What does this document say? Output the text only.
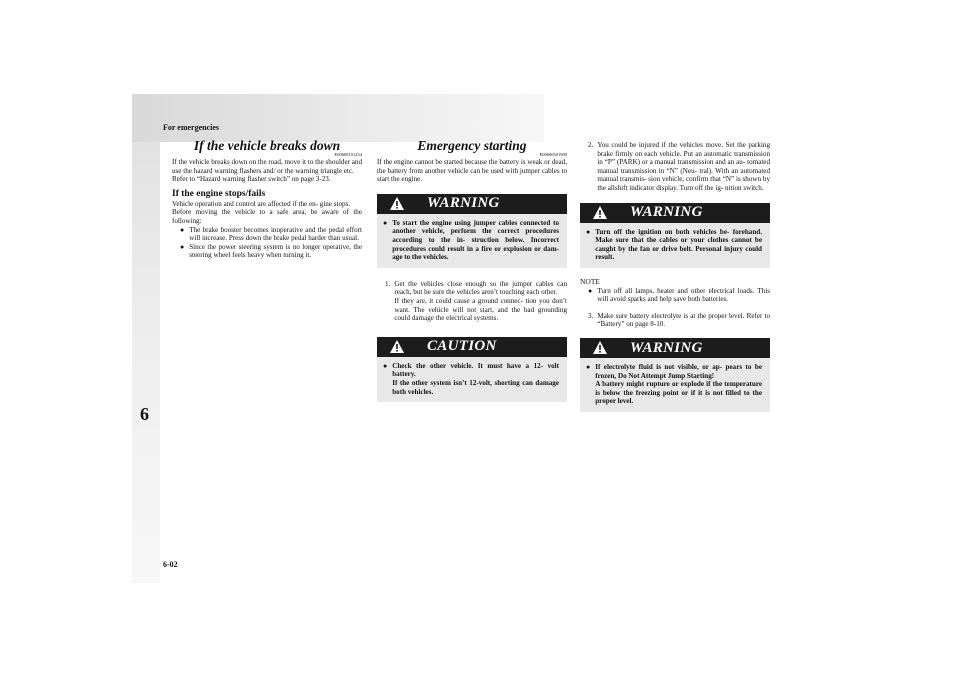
For emergencies
6
6-02
If the vehicle breaks down
E00600101254

If the vehicle breaks down on the road, move it to the shoulder and use the hazard warning flashers and/ or the warning triangle etc.

Refer to “Hazard warning flasher switch” on page 3-23.

If the engine stops/fails

Vehicle operation and control are affected if the en- gine stops.

Before moving the vehicle to a safe area, be aware of the following:

● The brake booster becomes inoperative and the pedal effort will increase. Press down the brake pedal harder than usual.
● Since the power steering system is no longer operative, the steering wheel feels heavy when turning it.
Emergency starting
E00600501900

If the engine cannot be started because the battery is weak or dead, the battery from another vehicle can be used with jumper cables to start the engine.

WARNING
● To start the engine using jumper cables connected to another vehicle, perform the correct procedures according to the in- struction below. Incorrect procedures could result in a fire or explosion or dam- age to the vehicles.
1. Get the vehicles close enough so the jumper cables can reach, but be sure the vehicles aren’t touching each other.
If they are, it could cause a ground connec- tion you don’t want. The vehicle will not start, and the bad grounding could damage the electrical systems.
CAUTION
● Check the other vehicle. It must have a 12- volt battery.
If the other system isn’t 12-volt, shorting can damage both vehicles.
2. You could be injured if the vehicles move. Set the parking brake firmly on each vehicle. Put an automatic transmission in “P” (PARK) or a manual transmission and an au- tomated manual transmission in “N” (Neu- tral). With an automated manual transmis- sion vehicle, confirm that “N” is shown by the allshift indicator display. Turn off the ig- nition switch.
WARNING
● Turn off the ignition on both vehicles be- forehand. Make sure that the cables or your clothes cannot be caught by the fan or drive belt. Personal injury could result.
NOTE
● Turn off all lamps, heater and other electrical loads. This will avoid sparks and help save both batteries.
3. Make sure battery electrolyte is at the proper level. Refer to “Battery” on page 8-10.
WARNING
● If electrolyte fluid is not visible, or ap- pears to be frozen, Do Not Attempt Jump Starting!
A battery might rupture or explode if the temperature is below the freezing point or if it is not filled to the proper level.
